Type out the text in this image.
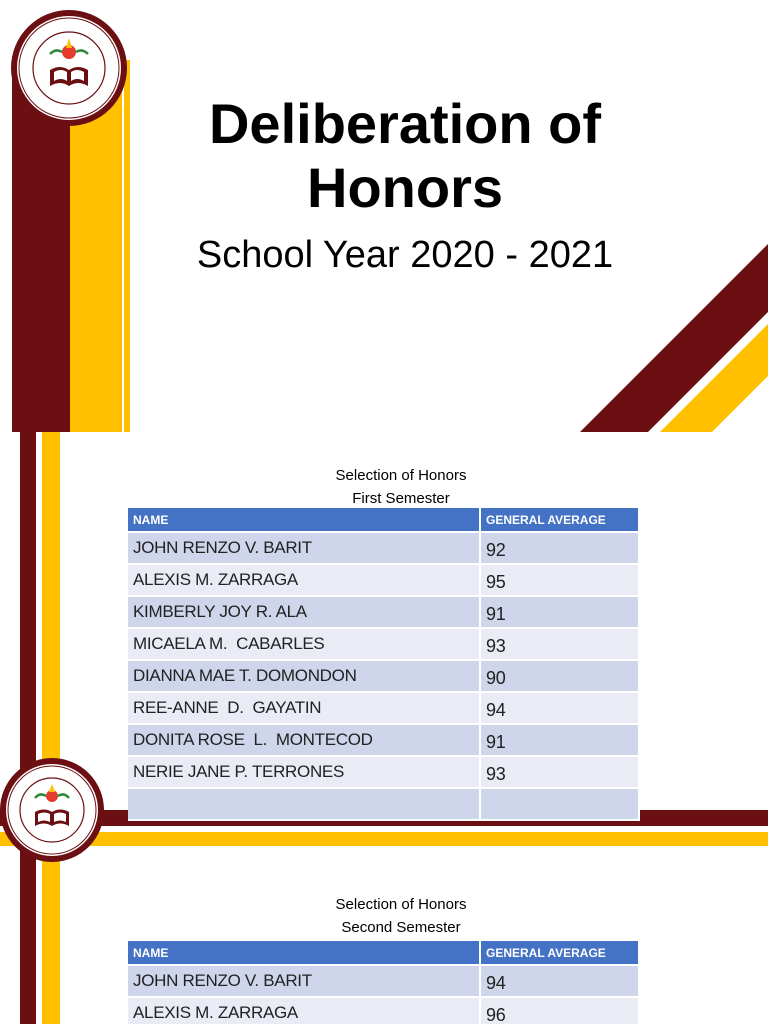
Deliberation of Honors
School Year 2020 - 2021
Selection of Honors
First Semester
NAME	GENERAL AVERAGE
JOHN RENZO V. BARIT	92
ALEXIS M. ZARRAGA	95
KIMBERLY JOY R. ALA	91
MICAELA M.  CABARLES	93
DIANNA MAE T. DOMONDON	90
REE-ANNE  D.  GAYATIN	94
DONITA ROSE  L.  MONTECOD	91
NERIE JANE P. TERRONES	93

Selection of Honors
Second Semester
NAME	GENERAL AVERAGE
JOHN RENZO V. BARIT	94
ALEXIS M. ZARRAGA	96
